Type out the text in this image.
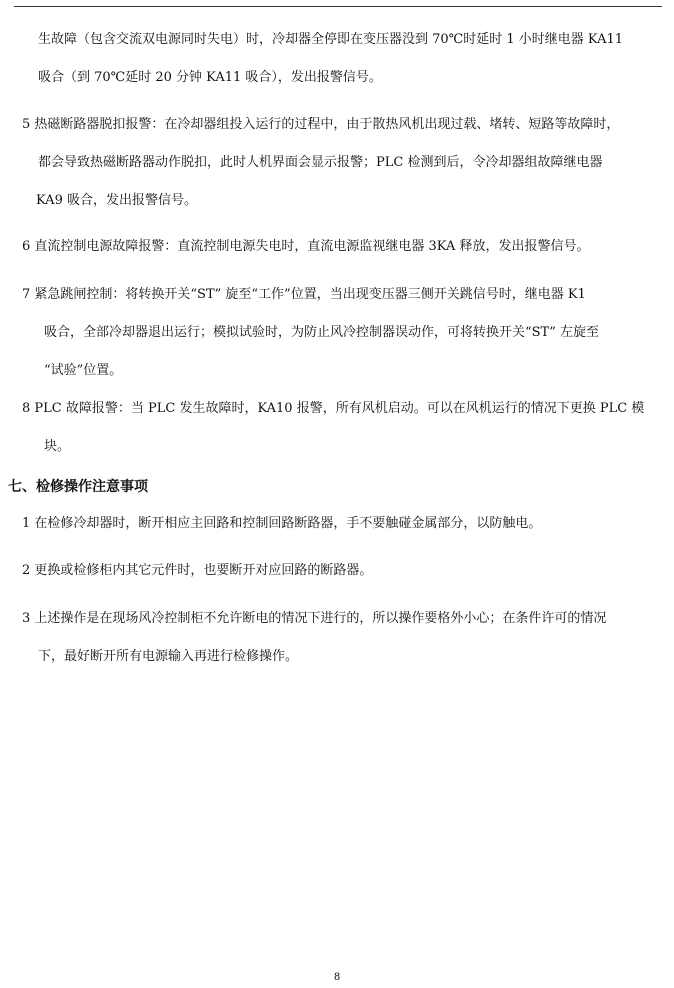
生故障（包含交流双电源同时失电）时，冷却器全停即在变压器没到 70℃时延时 1 小时继电器 KA11
吸合（到 70℃延时 20 分钟 KA11 吸合），发出报警信号。
5 热磁断路器脱扣报警：在冷却器组投入运行的过程中，由于散热风机出现过载、堵转、短路等故障时，
都会导致热磁断路器动作脱扣，此时人机界面会显示报警；PLC 检测到后，令冷却器组故障继电器
KA9 吸合，发出报警信号。
6 直流控制电源故障报警：直流控制电源失电时，直流电源监视继电器 3KA 释放，发出报警信号。
7 紧急跳闸控制：将转换开关“ST” 旋至“工作”位置，当出现变压器三侧开关跳信号时，继电器 K1
吸合，全部冷却器退出运行；模拟试验时，为防止风冷控制器误动作，可将转换开关“ST” 左旋至
“试验”位置。
8 PLC 故障报警：当 PLC 发生故障时，KA10 报警，所有风机启动。可以在风机运行的情况下更换 PLC 模
块。
七、检修操作注意事项
1 在检修冷却器时，断开相应主回路和控制回路断路器，手不要触碰金属部分，以防触电。
2 更换或检修柜内其它元件时，也要断开对应回路的断路器。
3 上述操作是在现场风冷控制柜不允许断电的情况下进行的，所以操作要格外小心；在条件许可的情况
下，最好断开所有电源输入再进行检修操作。
8
